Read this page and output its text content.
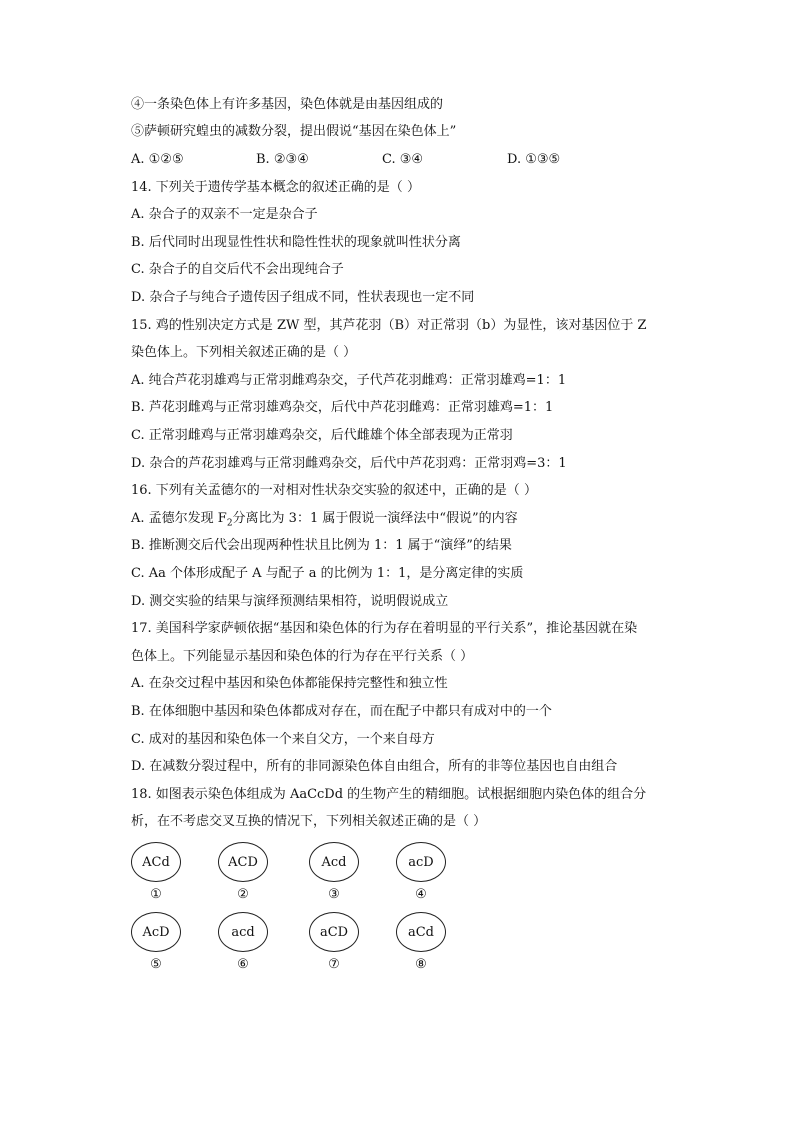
④一条染色体上有许多基因，染色体就是由基因组成的
⑤萨顿研究蝗虫的减数分裂，提出假说“基因在染色体上”
A. ①②⑤	B. ②③④	C. ③④	D. ①③⑤
14. 下列关于遗传学基本概念的叙述正确的是（ ）
A. 杂合子的双亲不一定是杂合子
B. 后代同时出现显性性状和隐性性状的现象就叫性状分离
C. 杂合子的自交后代不会出现纯合子
D. 杂合子与纯合子遗传因子组成不同，性状表现也一定不同
15. 鸡的性别决定方式是 ZW 型，其芦花羽（B）对正常羽（b）为显性，该对基因位于 Z
染色体上。下列相关叙述正确的是（ ）
A. 纯合芦花羽雄鸡与正常羽雌鸡杂交，子代芦花羽雌鸡：正常羽雄鸡=1：1
B. 芦花羽雌鸡与正常羽雄鸡杂交，后代中芦花羽雌鸡：正常羽雄鸡=1：1
C. 正常羽雌鸡与正常羽雄鸡杂交，后代雌雄个体全部表现为正常羽
D. 杂合的芦花羽雄鸡与正常羽雌鸡杂交，后代中芦花羽鸡：正常羽鸡=3：1
16. 下列有关孟德尔的一对相对性状杂交实验的叙述中，正确的是（ ）
A. 孟德尔发现 $F_2$分离比为 3：1 属于假说一演绎法中“假说”的内容
B. 推断测交后代会出现两种性状且比例为 1：1 属于“演绎”的结果
C. Aa 个体形成配子 A 与配子 a 的比例为 1：1，是分离定律的实质
D. 测交实验的结果与演绎预测结果相符，说明假说成立
17. 美国科学家萨顿依据“基因和染色体的行为存在着明显的平行关系”，推论基因就在染
色体上。下列能显示基因和染色体的行为存在平行关系（ ）
A. 在杂交过程中基因和染色体都能保持完整性和独立性
B. 在体细胞中基因和染色体都成对存在，而在配子中都只有成对中的一个
C. 成对的基因和染色体一个来自父方，一个来自母方
D. 在减数分裂过程中，所有的非同源染色体自由组合，所有的非等位基因也自由组合
18. 如图表示染色体组成为 AaCcDd 的生物产生的精细胞。试根据细胞内染色体的组合分
析，在不考虑交叉互换的情况下，下列相关叙述正确的是（ ）
ACd
①
ACD
②
Acd
③
acD
④
AcD
⑤
acd
⑥
aCD
⑦
aCd
⑧
